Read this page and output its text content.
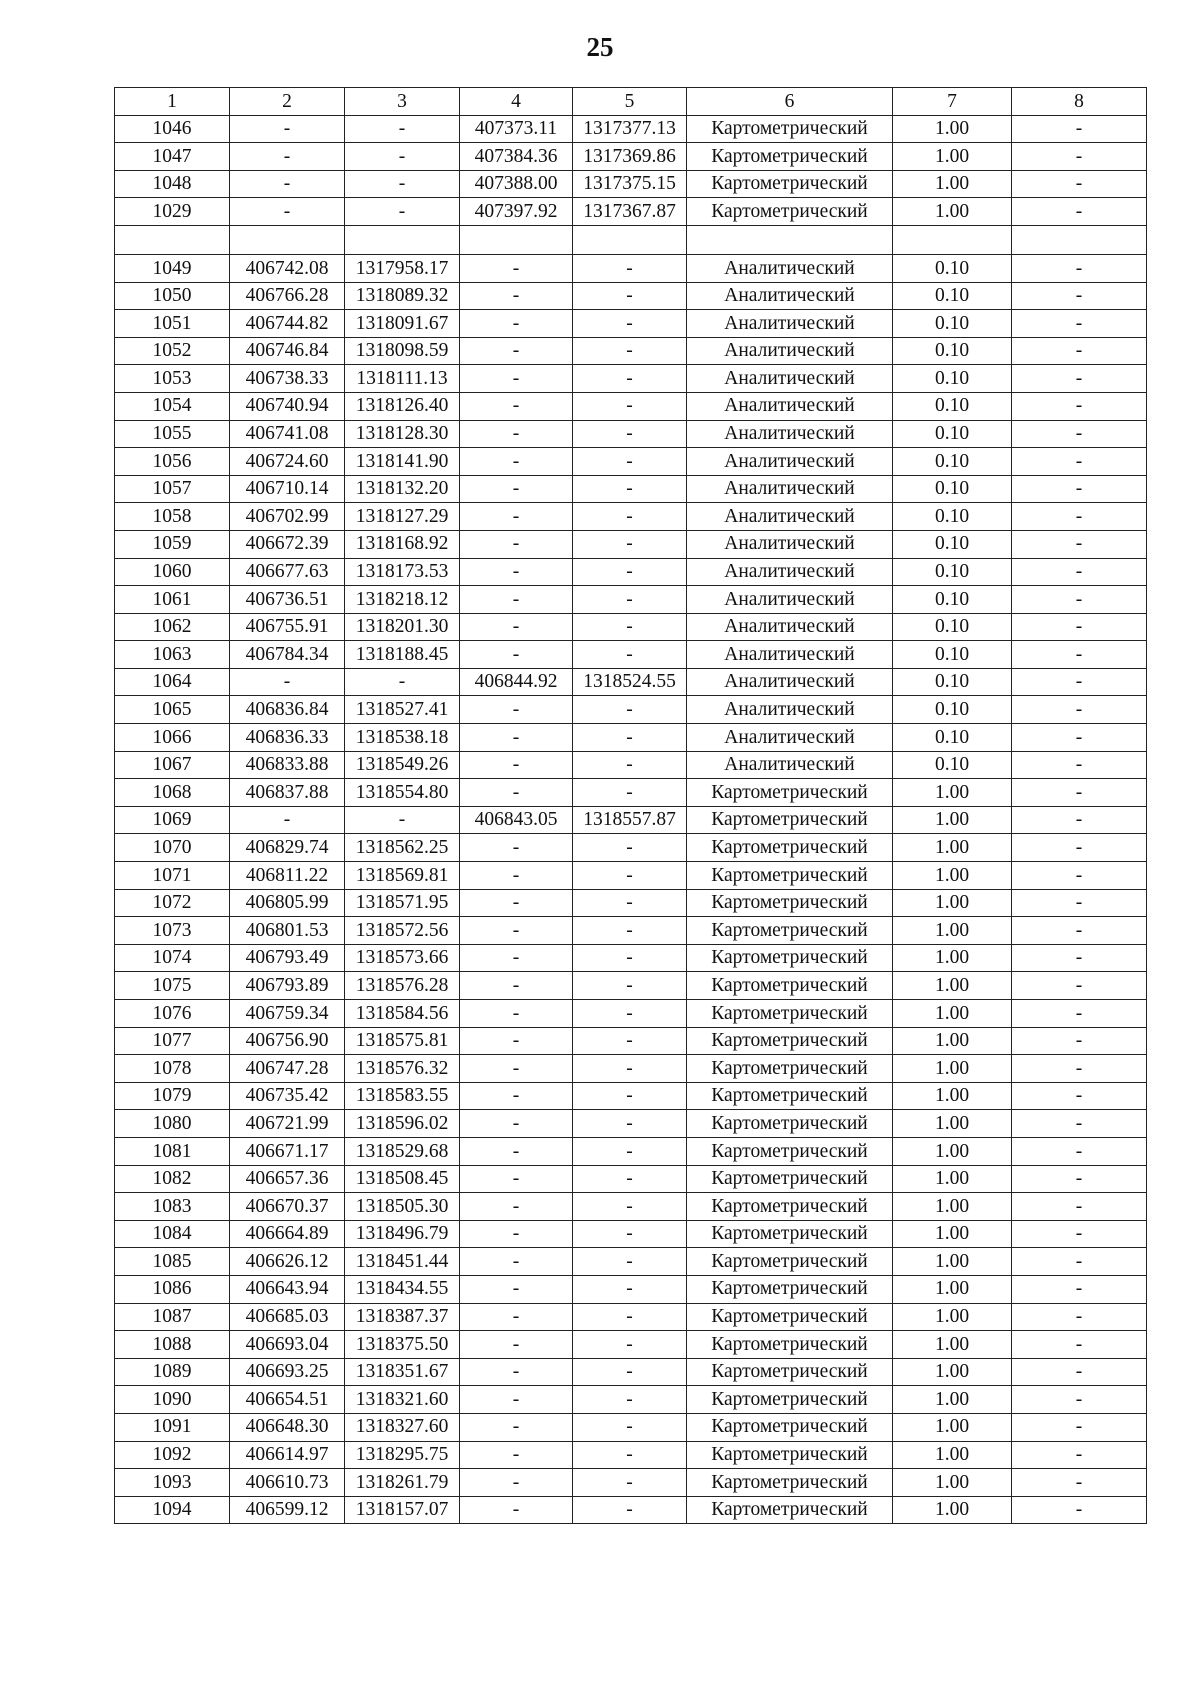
25
1	2	3	4	5	6	7	8
1046	-	-	407373.11	1317377.13	Картометрический	1.00	-
1047	-	-	407384.36	1317369.86	Картометрический	1.00	-
1048	-	-	407388.00	1317375.15	Картометрический	1.00	-
1029	-	-	407397.92	1317367.87	Картометрический	1.00	-

1049	406742.08	1317958.17	-	-	Аналитический	0.10	-
1050	406766.28	1318089.32	-	-	Аналитический	0.10	-
1051	406744.82	1318091.67	-	-	Аналитический	0.10	-
1052	406746.84	1318098.59	-	-	Аналитический	0.10	-
1053	406738.33	1318111.13	-	-	Аналитический	0.10	-
1054	406740.94	1318126.40	-	-	Аналитический	0.10	-
1055	406741.08	1318128.30	-	-	Аналитический	0.10	-
1056	406724.60	1318141.90	-	-	Аналитический	0.10	-
1057	406710.14	1318132.20	-	-	Аналитический	0.10	-
1058	406702.99	1318127.29	-	-	Аналитический	0.10	-
1059	406672.39	1318168.92	-	-	Аналитический	0.10	-
1060	406677.63	1318173.53	-	-	Аналитический	0.10	-
1061	406736.51	1318218.12	-	-	Аналитический	0.10	-
1062	406755.91	1318201.30	-	-	Аналитический	0.10	-
1063	406784.34	1318188.45	-	-	Аналитический	0.10	-
1064	-	-	406844.92	1318524.55	Аналитический	0.10	-
1065	406836.84	1318527.41	-	-	Аналитический	0.10	-
1066	406836.33	1318538.18	-	-	Аналитический	0.10	-
1067	406833.88	1318549.26	-	-	Аналитический	0.10	-
1068	406837.88	1318554.80	-	-	Картометрический	1.00	-
1069	-	-	406843.05	1318557.87	Картометрический	1.00	-
1070	406829.74	1318562.25	-	-	Картометрический	1.00	-
1071	406811.22	1318569.81	-	-	Картометрический	1.00	-
1072	406805.99	1318571.95	-	-	Картометрический	1.00	-
1073	406801.53	1318572.56	-	-	Картометрический	1.00	-
1074	406793.49	1318573.66	-	-	Картометрический	1.00	-
1075	406793.89	1318576.28	-	-	Картометрический	1.00	-
1076	406759.34	1318584.56	-	-	Картометрический	1.00	-
1077	406756.90	1318575.81	-	-	Картометрический	1.00	-
1078	406747.28	1318576.32	-	-	Картометрический	1.00	-
1079	406735.42	1318583.55	-	-	Картометрический	1.00	-
1080	406721.99	1318596.02	-	-	Картометрический	1.00	-
1081	406671.17	1318529.68	-	-	Картометрический	1.00	-
1082	406657.36	1318508.45	-	-	Картометрический	1.00	-
1083	406670.37	1318505.30	-	-	Картометрический	1.00	-
1084	406664.89	1318496.79	-	-	Картометрический	1.00	-
1085	406626.12	1318451.44	-	-	Картометрический	1.00	-
1086	406643.94	1318434.55	-	-	Картометрический	1.00	-
1087	406685.03	1318387.37	-	-	Картометрический	1.00	-
1088	406693.04	1318375.50	-	-	Картометрический	1.00	-
1089	406693.25	1318351.67	-	-	Картометрический	1.00	-
1090	406654.51	1318321.60	-	-	Картометрический	1.00	-
1091	406648.30	1318327.60	-	-	Картометрический	1.00	-
1092	406614.97	1318295.75	-	-	Картометрический	1.00	-
1093	406610.73	1318261.79	-	-	Картометрический	1.00	-
1094	406599.12	1318157.07	-	-	Картометрический	1.00	-
